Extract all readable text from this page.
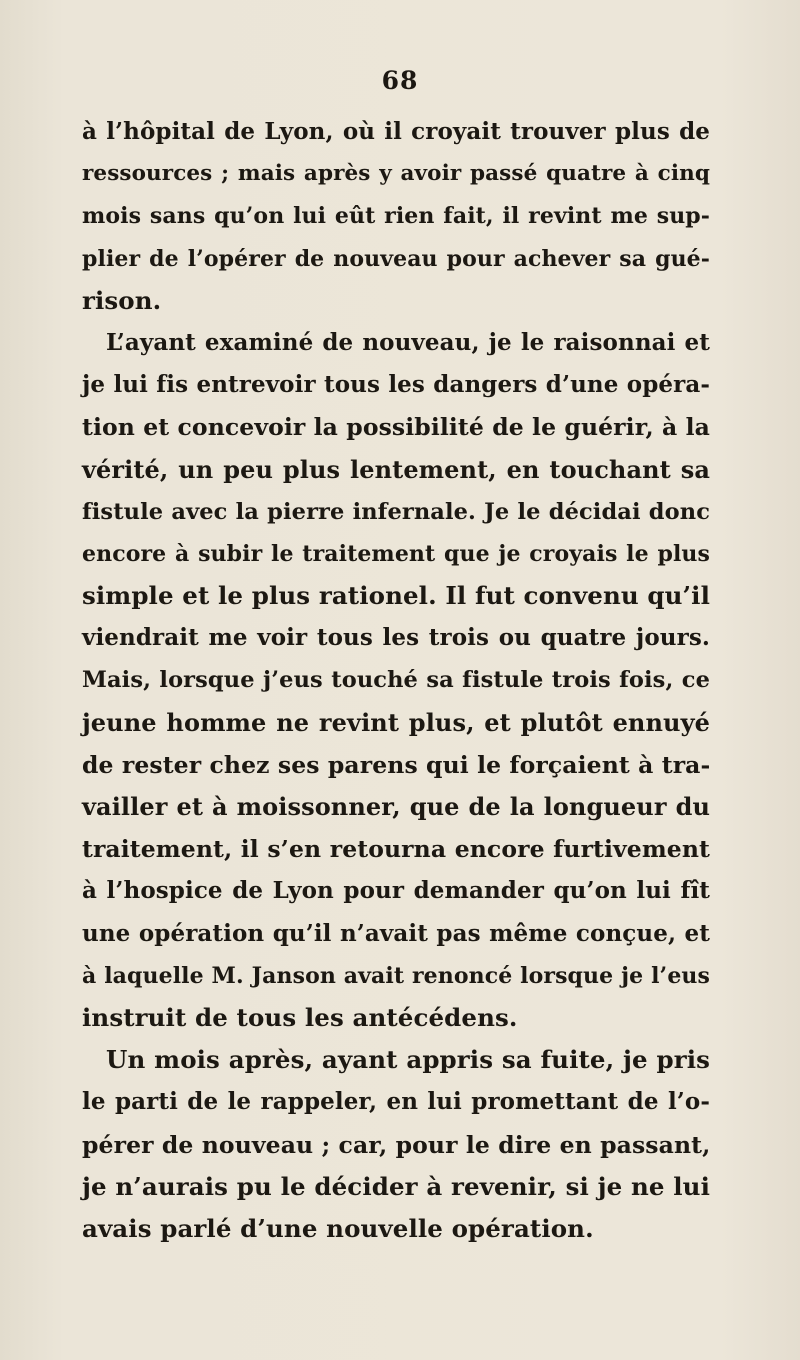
68
à l’hôpital de Lyon, où il croyait trouver plus de
ressources ; mais après y avoir passé quatre à cinq
mois sans qu’on lui eût rien fait, il revint me sup-
plier de l’opérer de nouveau pour achever sa gué-
rison.
L’ayant examiné de nouveau, je le raisonnai et
je lui fis entrevoir tous les dangers d’une opéra-
tion et concevoir la possibilité de le guérir, à la
vérité, un peu plus lentement, en touchant sa
fistule avec la pierre infernale. Je le décidai donc
encore à subir le traitement que je croyais le plus
simple et le plus rationel. Il fut convenu qu’il
viendrait me voir tous les trois ou quatre jours.
Mais, lorsque j’eus touché sa fistule trois fois, ce
jeune homme ne revint plus, et plutôt ennuyé
de rester chez ses parens qui le forçaient à tra-
vailler et à moissonner, que de la longueur du
traitement, il s’en retourna encore furtivement
à l’hospice de Lyon pour demander qu’on lui fît
une opération qu’il n’avait pas même conçue, et
à laquelle M. Janson avait renoncé lorsque je l’eus
instruit de tous les antécédens.
Un mois après, ayant appris sa fuite, je pris
le parti de le rappeler, en lui promettant de l’o-
pérer de nouveau ; car, pour le dire en passant,
je n’aurais pu le décider à revenir, si je ne lui
avais parlé d’une nouvelle opération.
